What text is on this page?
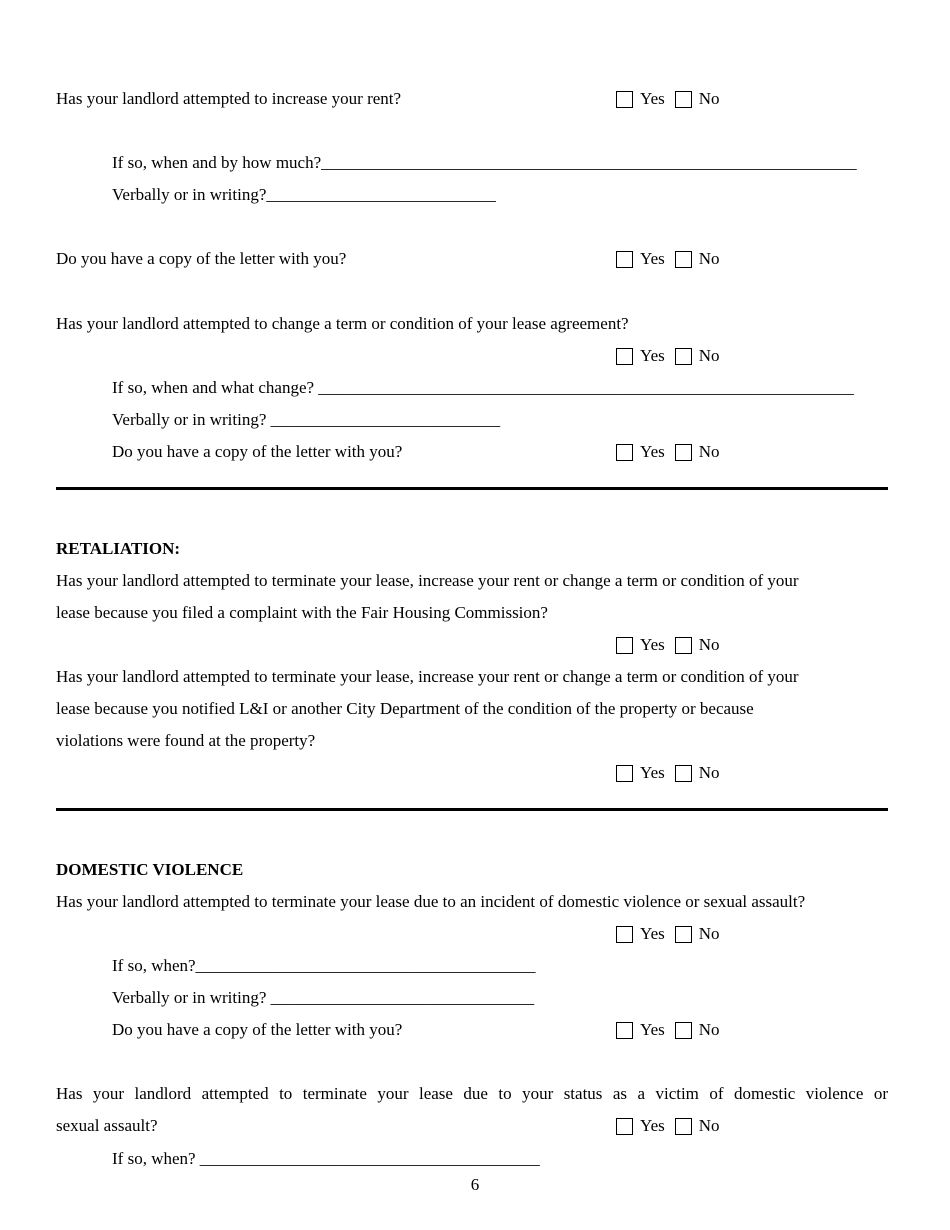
Has your landlord attempted to increase your rent?	Yes No
If so, when and by how much?_______________________________________________________________
Verbally or in writing?___________________________
Do you have a copy of the letter with you?	Yes No
Has your landlord attempted to change a term or condition of your lease agreement?
Yes No
If so, when and what change? _______________________________________________________________
Verbally or in writing? ___________________________
Do you have a copy of the letter with you?	Yes No
RETALIATION:
Has your landlord attempted to terminate your lease, increase your rent or change a term or condition of your
lease because you filed a complaint with the Fair Housing Commission?
Yes No
Has your landlord attempted to terminate your lease, increase your rent or change a term or condition of your
lease because you notified L&I or another City Department of the condition of the property or because
violations were found at the property?
Yes No
DOMESTIC VIOLENCE
Has your landlord attempted to terminate your lease due to an incident of domestic violence or sexual assault?
Yes No
If so, when?________________________________________
Verbally or in writing? _______________________________
Do you have a copy of the letter with you?	Yes No
Has your landlord attempted to terminate your lease due to your status as a victim of domestic violence or
sexual assault?	Yes No
If so, when? ________________________________________
6
